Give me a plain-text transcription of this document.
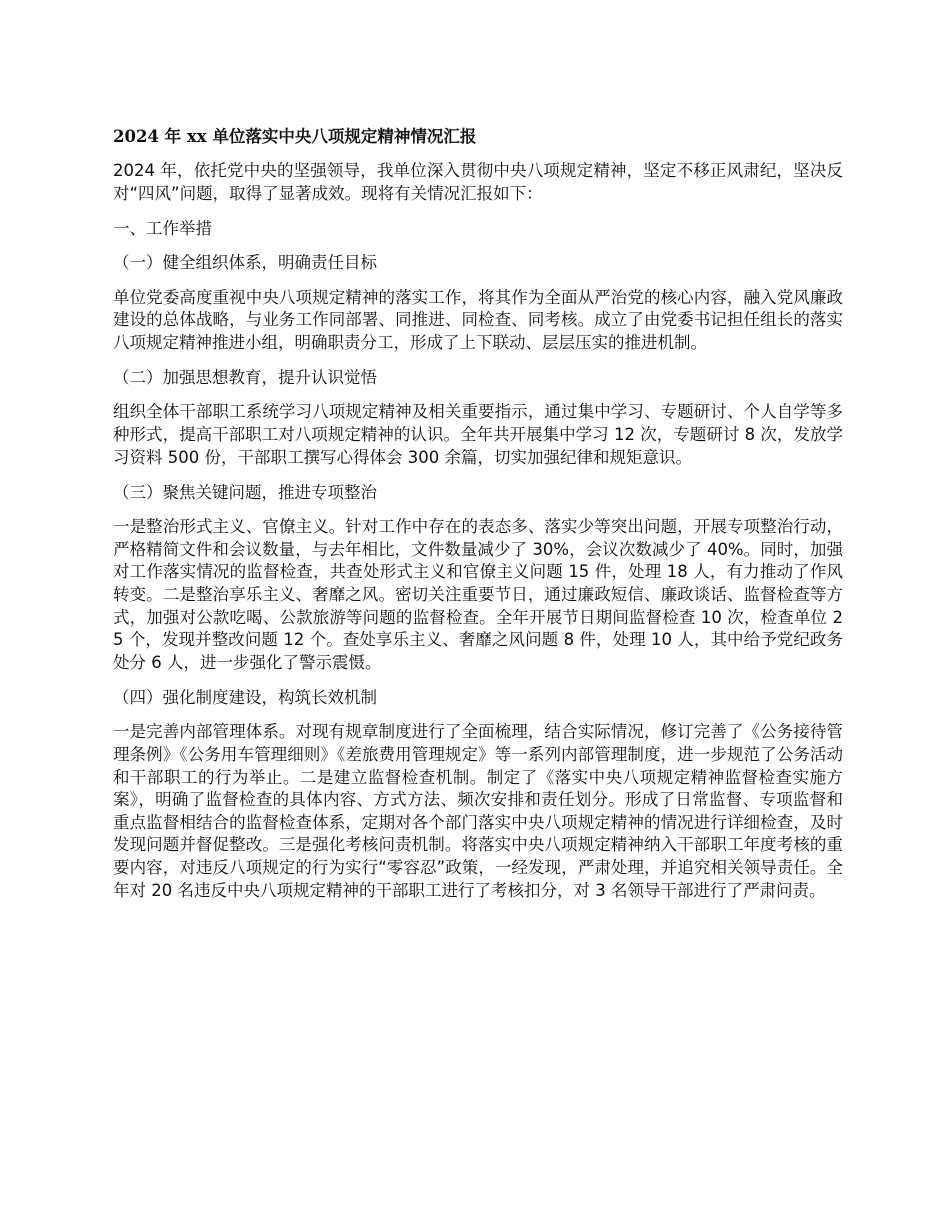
2024 年 xx 单位落实中央八项规定精神情况汇报

2024 年，依托党中央的坚强领导，我单位深入贯彻中央八项规定精神，坚定不移正风肃纪，坚决反对“四风”问题，取得了显著成效。现将有关情况汇报如下：

一、工作举措
（一）健全组织体系，明确责任目标

单位党委高度重视中央八项规定精神的落实工作，将其作为全面从严治党的核心内容，融入党风廉政建设的总体战略，与业务工作同部署、同推进、同检查、同考核。成立了由党委书记担任组长的落实八项规定精神推进小组，明确职责分工，形成了上下联动、层层压实的推进机制。

（二）加强思想教育，提升认识觉悟

组织全体干部职工系统学习八项规定精神及相关重要指示，通过集中学习、专题研讨、个人自学等多种形式，提高干部职工对八项规定精神的认识。全年共开展集中学习 12 次，专题研讨 8 次，发放学习资料 500 份，干部职工撰写心得体会 300 余篇，切实加强纪律和规矩意识。

（三）聚焦关键问题，推进专项整治

一是整治形式主义、官僚主义。针对工作中存在的表态多、落实少等突出问题，开展专项整治行动，严格精简文件和会议数量，与去年相比，文件数量减少了 30%，会议次数减少了 40%。同时，加强对工作落实情况的监督检查，共查处形式主义和官僚主义问题 15 件，处理 18 人，有力推动了作风转变。二是整治享乐主义、奢靡之风。密切关注重要节日，通过廉政短信、廉政谈话、监督检查等方式，加强对公款吃喝、公款旅游等问题的监督检查。全年开展节日期间监督检查 10 次，检查单位 25 个，发现并整改问题 12 个。查处享乐主义、奢靡之风问题 8 件，处理 10 人，其中给予党纪政务处分 6 人，进一步强化了警示震慑。

（四）强化制度建设，构筑长效机制

一是完善内部管理体系。对现有规章制度进行了全面梳理，结合实际情况，修订完善了《公务接待管理条例》《公务用车管理细则》《差旅费用管理规定》等一系列内部管理制度，进一步规范了公务活动和干部职工的行为举止。二是建立监督检查机制。制定了《落实中央八项规定精神监督检查实施方案》，明确了监督检查的具体内容、方式方法、频次安排和责任划分。形成了日常监督、专项监督和重点监督相结合的监督检查体系，定期对各个部门落实中央八项规定精神的情况进行详细检查，及时发现问题并督促整改。三是强化考核问责机制。将落实中央八项规定精神纳入干部职工年度考核的重要内容，对违反八项规定的行为实行“零容忍”政策，一经发现，严肃处理，并追究相关领导责任。全年对 20 名违反中央八项规定精神的干部职工进行了考核扣分，对 3 名领导干部进行了严肃问责。
